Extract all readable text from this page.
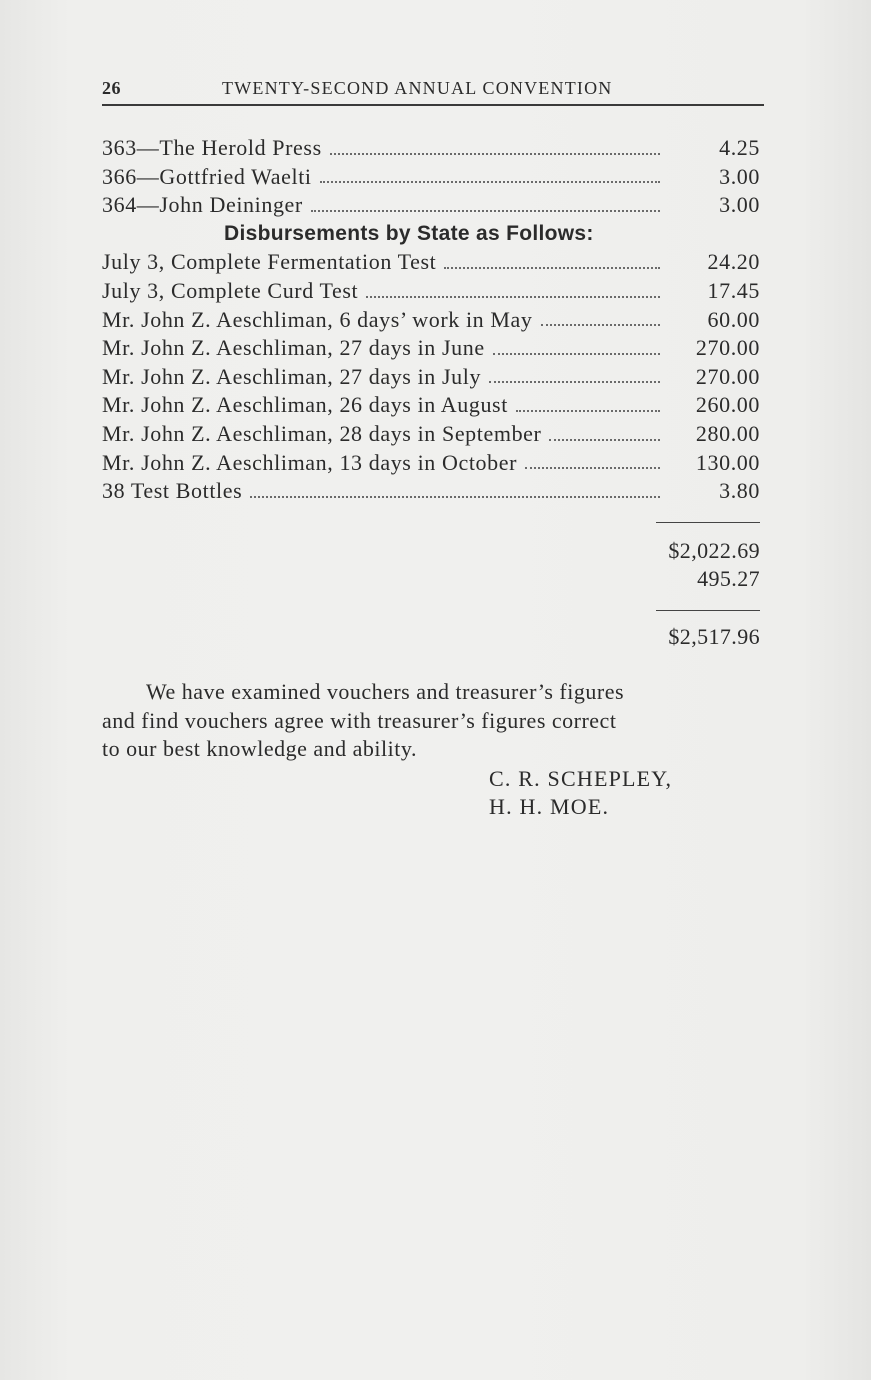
26	TWENTY-SECOND ANNUAL CONVENTION
363—The Herold Press	4.25
366—Gottfried Waelti	3.00
364—John Deininger	3.00
Disbursements by State as Follows:
July 3, Complete Fermentation Test	24.20
July 3, Complete Curd Test	17.45
Mr. John Z. Aeschliman, 6 days’ work in May	60.00
Mr. John Z. Aeschliman, 27 days in June	270.00
Mr. John Z. Aeschliman, 27 days in July	270.00
Mr. John Z. Aeschliman, 26 days in August	260.00
Mr. John Z. Aeschliman, 28 days in September	280.00
Mr. John Z. Aeschliman, 13 days in October	130.00
38 Test Bottles	3.80
$2,022.69
495.27
$2,517.96
We have examined vouchers and treasurer’s figures
and find vouchers agree with treasurer’s figures correct
to our best knowledge and ability.
C. R. SCHEPLEY,
H. H. MOE.
